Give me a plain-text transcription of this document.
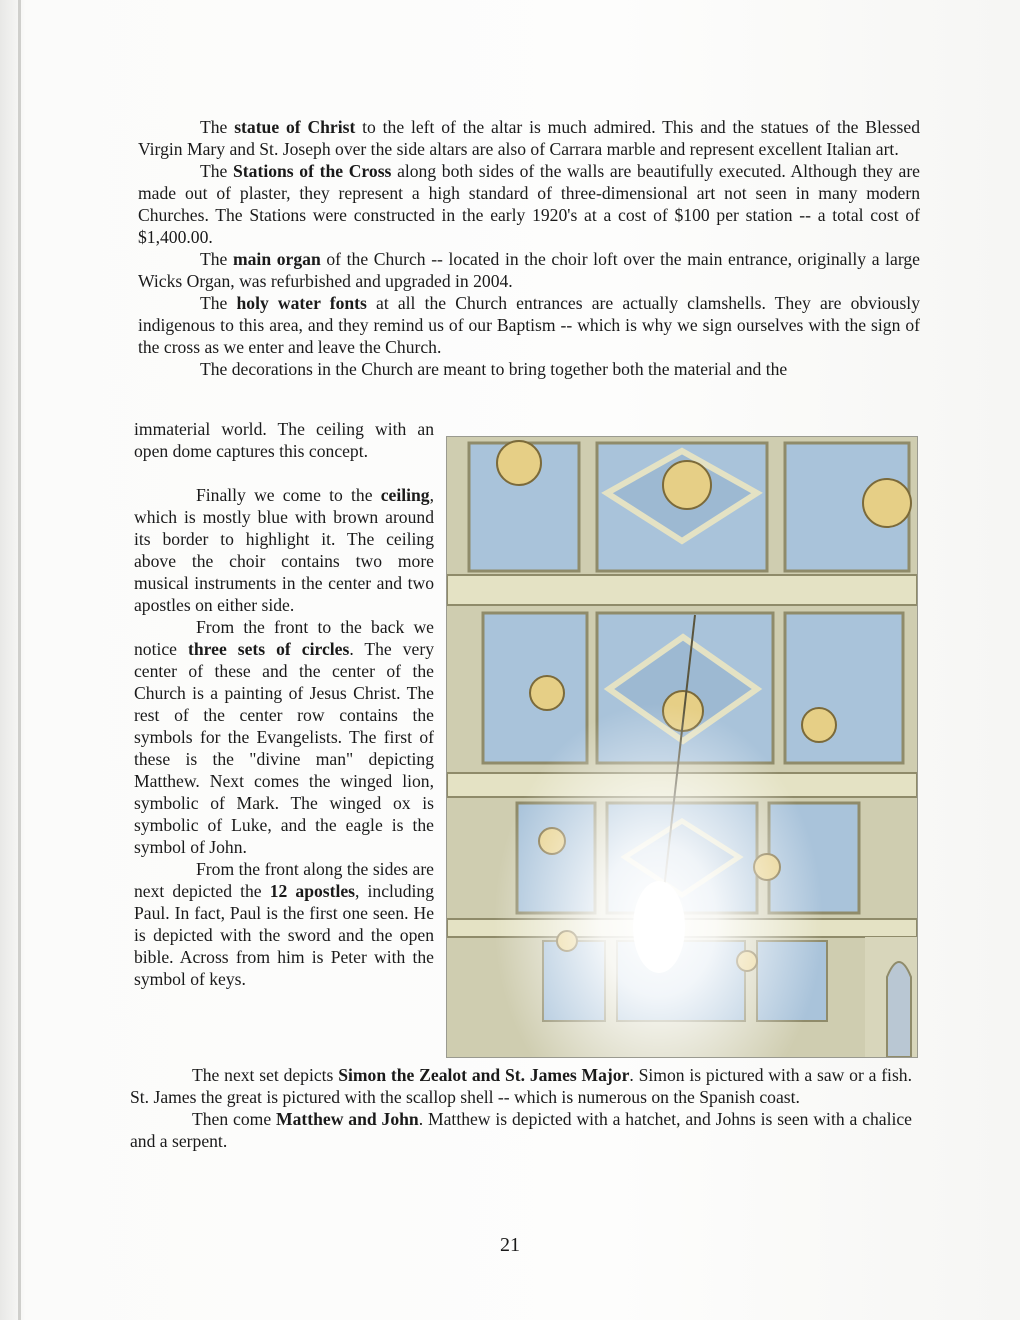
The statue of Christ to the left of the altar is much admired. This and the statues of the Blessed Virgin Mary and St. Joseph over the side altars are also of Carrara marble and represent excellent Italian art.

The Stations of the Cross along both sides of the walls are beautifully executed. Although they are made out of plaster, they represent a high standard of three-dimensional art not seen in many modern Churches. The Stations were constructed in the early 1920's at a cost of $100 per station -- a total cost of $1,400.00.

The main organ of the Church -- located in the choir loft over the main entrance, originally a large Wicks Organ, was refurbished and upgraded in 2004.

The holy water fonts at all the Church entrances are actually clamshells. They are obviously indigenous to this area, and they remind us of our Baptism -- which is why we sign ourselves with the sign of the cross as we enter and leave the Church.

The decorations in the Church are meant to bring together both the material and the

immaterial world. The ceiling with an open dome captures this concept.

Finally we come to the ceiling, which is mostly blue with brown around its border to highlight it. The ceiling above the choir contains two more musical instruments in the center and two apostles on either side.

From the front to the back we notice three sets of circles. The very center of these and the center of the Church is a painting of Jesus Christ. The rest of the center row contains the symbols for the Evangelists. The first of these is the "divine man" depicting Matthew. Next comes the winged lion, symbolic of Mark. The winged ox is symbolic of Luke, and the eagle is the symbol of John.

From the front along the sides are next depicted the 12 apostles, including Paul. In fact, Paul is the first one seen. He is depicted with the sword and the open bible. Across from him is Peter with the symbol of keys.

The next set depicts Simon the Zealot and St. James Major. Simon is pictured with a saw or a fish. St. James the great is pictured with the scallop shell -- which is numerous on the Spanish coast.

Then come Matthew and John. Matthew is depicted with a hatchet, and Johns is seen with a chalice and a serpent.

21
